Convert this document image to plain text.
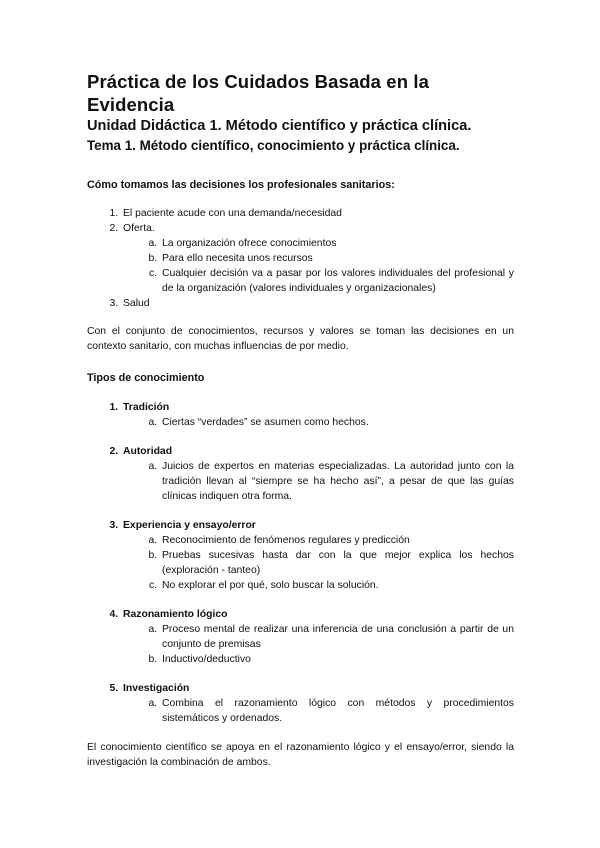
Práctica de los Cuidados Basada en la Evidencia
Unidad Didáctica 1. Método científico y práctica clínica.
Tema 1. Método científico, conocimiento y práctica clínica.

Cómo tomamos las decisiones los profesionales sanitarios:

1. El paciente acude con una demanda/necesidad
2. Oferta.
a. La organización ofrece conocimientos
b. Para ello necesita unos recursos
c. Cualquier decisión va a pasar por los valores individuales del profesional y de la organización (valores individuales y organizacionales)
3. Salud

Con el conjunto de conocimientos, recursos y valores se toman las decisiones en un contexto sanitario, con muchas influencias de por medio.

Tipos de conocimiento

1. Tradición
a. Ciertas “verdades” se asumen como hechos.
2. Autoridad
a. Juicios de expertos en materias especializadas. La autoridad junto con la tradición llevan al “siempre se ha hecho así”, a pesar de que las guías clínicas indiquen otra forma.
3. Experiencia y ensayo/error
a. Reconocimiento de fenómenos regulares y predicción
b. Pruebas sucesivas hasta dar con la que mejor explica los hechos (exploración - tanteo)
c. No explorar el por qué, solo buscar la solución.
4. Razonamiento lógico
a. Proceso mental de realizar una inferencia de una conclusión a partir de un conjunto de premisas
b. Inductivo/deductivo
5. Investigación
a. Combina el razonamiento lógico con métodos y procedimientos sistemáticos y ordenados.

El conocimiento científico se apoya en el razonamiento lógico y el ensayo/error, siendo la investigación la combinación de ambos.
